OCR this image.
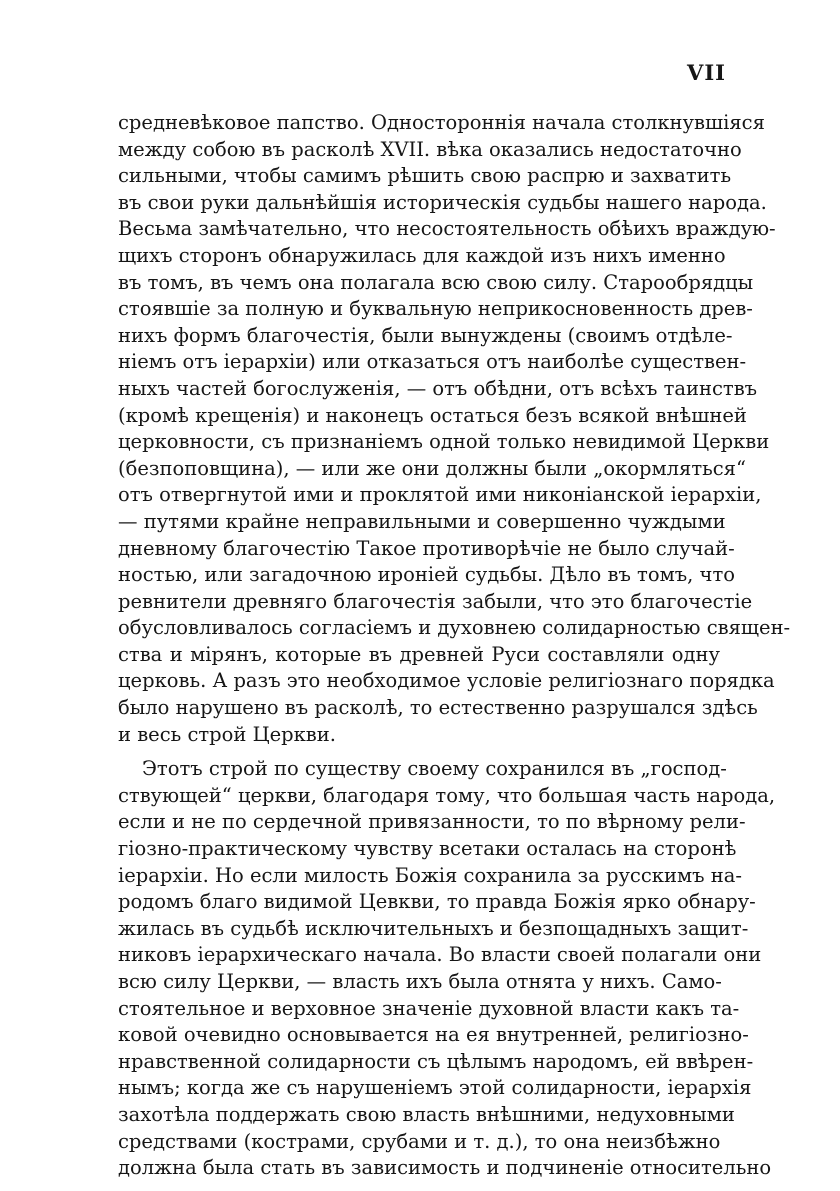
VII
средневѣковое папство. Одностороннія начала столкнувшіяся
между собою въ расколѣ XVII. вѣка оказались недостаточно
сильными, чтобы самимъ рѣшить свою распрю и захватить
въ свои руки дальнѣйшія историческія судьбы нашего народа.
Весьма замѣчательно, что несостоятельность обѣихъ враждую-
щихъ сторонъ обнаружилась для каждой изъ нихъ именно
въ томъ, въ чемъ она полагала всю свою силу. Старообрядцы
стоявшіе за полную и буквальную неприкосновенность древ-
нихъ формъ благочестія, были вынуждены (своимъ отдѣле-
ніемъ отъ іерархіи) или отказаться отъ наиболѣе существен-
ныхъ частей богослуженія, — отъ обѣдни, отъ всѣхъ таинствъ
(кромѣ крещенія) и наконецъ остаться безъ всякой внѣшней
церковности, съ признаніемъ одной только невидимой Церкви
(безпоповщина), — или же они должны были „окормляться“
отъ отвергнутой ими и проклятой ими никоніанской іерархіи,
— путями крайне неправильными и совершенно чуждыми
дневному благочестію Такое противорѣчіе не было случай-
ностью, или загадочною ироніей судьбы. Дѣло въ томъ, что
ревнители древняго благочестія забыли, что это благочестіе
обусловливалось согласіемъ и духовнею солидарностью священ-
ства и мірянъ, которые въ древней Руси составляли одну
церковь. А разъ это необходимое условіе религіознаго порядка
было нарушено въ расколѣ, то естественно разрушался здѣсь
и весь строй Церкви.
Этотъ строй по существу своему сохранился въ „господ-
ствующей“ церкви, благодаря тому, что большая часть народа,
если и не по сердечной привязанности, то по вѣрному рели-
гіозно-практическому чувству всетаки осталась на сторонѣ
іерархіи. Но если милость Божія сохранила за русскимъ на-
родомъ благо видимой Цевкви, то правда Божія ярко обнару-
жилась въ судьбѣ исключительныхъ и безпощадныхъ защит-
никовъ іерархическаго начала. Во власти своей полагали они
всю силу Церкви, — власть ихъ была отнята у нихъ. Само-
стоятельное и верховное значеніе духовной власти какъ та-
ковой очевидно основывается на ея внутренней, религіозно-
нравственной солидарности съ цѣлымъ народомъ, ей ввѣрен-
нымъ; когда же съ нарушеніемъ этой солидарности, іерархія
захотѣла поддержать свою власть внѣшними, недуховными
средствами (кострами, срубами и т. д.), то она неизбѣжно
должна была стать въ зависимость и подчиненіе относительно
